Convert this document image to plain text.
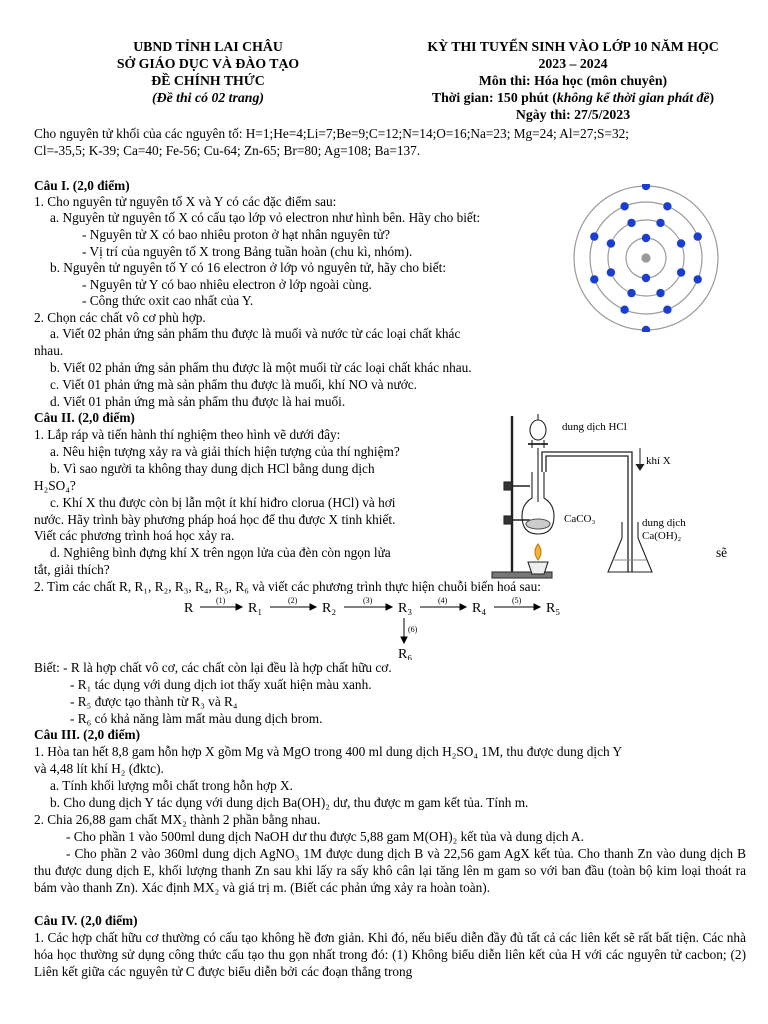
UBND TỈNH LAI CHÂU
SỞ GIÁO DỤC VÀ ĐÀO TẠO
ĐỀ CHÍNH THỨC
(Đề thi có 02 trang)
KỲ THI TUYỂN SINH VÀO LỚP 10 NĂM HỌC
2023 – 2024
Môn thi: Hóa học (môn chuyên)
Thời gian: 150 phút (không kể thời gian phát đề)
Ngày thi: 27/5/2023
Cho nguyên tử khối của các nguyên tố: H=1;He=4;Li=7;Be=9;C=12;N=14;O=16;Na=23; Mg=24; Al=27;S=32;
Cl=-35,5; K-39; Ca=40; Fe-56; Cu-64; Zn-65; Br=80; Ag=108; Ba=137.
Câu I. (2,0 điểm)
1. Cho nguyên tử nguyên tố X và Y có các đặc điểm sau:
a. Nguyên tử nguyên tố X có cấu tạo lớp vỏ electron như hình bên. Hãy cho biết:
- Nguyên tử X có bao nhiêu proton ở hạt nhân nguyên tử?
- Vị trí của nguyên tố X trong Bảng tuần hoàn (chu kì, nhóm).
b. Nguyên tử nguyên tố Y có 16 electron ở lớp vỏ nguyên tử, hãy cho biết:
- Nguyên tử Y có bao nhiêu electron ở lớp ngoài cùng.
- Công thức oxit cao nhất của Y.
2. Chọn các chất vô cơ phù hợp.
a. Viết 02 phản ứng sản phẩm thu được là muối và nước từ các loại chất khác
nhau.
b. Viết 02 phản ứng sản phẩm thu được là một muối từ các loại chất khác nhau.
c. Viết 01 phản ứng mà sản phẩm thu được là muối, khí NO và nước.
d. Viết 01 phản ứng mà sản phẩm thu được là hai muối.
Câu II. (2,0 điểm)
1. Lắp ráp và tiến hành thí nghiệm theo hình vẽ dưới đây:
a. Nêu hiện tượng xảy ra và giải thích hiện tượng của thí nghiệm?
b. Vì sao người ta không thay dung dịch HCl bằng dung dịch
H₂SO₄?
c. Khí X thu được còn bị lẫn một ít khí hiđro clorua (HCl) và hơi
nước. Hãy trình bày phương pháp hoá học để thu được X tinh khiết.
Viết các phương trình hoá học xảy ra.
d. Nghiêng bình đựng khí X trên ngọn lửa của đèn còn ngọn lửa	sẽ
tắt, giải thích?
2. Tìm các chất R, R₁, R₂, R₃, R₄, R₅, R₆ và viết các phương trình thực hiện chuỗi biến hoá sau:
dung dịch HCl
khí X
CaCO₃	dung dịch
Ca(OH)₂
R	R₁	R₂	R₃	R₄	R₅
R₆
(1)	(2)	(3)	(4)	(5)
(6)
Biết: - R là hợp chất vô cơ, các chất còn lại đều là hợp chất hữu cơ.
- R₁ tác dụng với dung dịch iot thấy xuất hiện màu xanh.
- R₅ được tạo thành từ R₃ và R₄
- R₆ có khả năng làm mất màu dung dịch brom.
Câu III. (2,0 điểm)
1. Hòa tan hết 8,8 gam hỗn hợp X gồm Mg và MgO trong 400 ml dung dịch H₂SO₄ 1M, thu được dung dịch Y
và 4,48 lít khí H₂ (đktc).
a. Tính khối lượng mỗi chất trong hỗn hợp X.
b. Cho dung dịch Y tác dụng với dung dịch Ba(OH)₂ dư, thu được m gam kết tủa. Tính m.
2. Chia 26,88 gam chất MX₂ thành 2 phần bằng nhau.
- Cho phần 1 vào 500ml dung dịch NaOH dư thu được 5,88 gam M(OH)₂ kết tủa và dung dịch A.
- Cho phần 2 vào 360ml dung dịch AgNO₃ 1M được dung dịch B và 22,56 gam AgX kết tủa. Cho thanh Zn vào dung dịch B thu được dung dịch E, khối lượng thanh Zn sau khi lấy ra sấy khô cân lại tăng lên m gam so với ban đầu (toàn bộ kim loại thoát ra bám vào thanh Zn). Xác định MX₂ và giá trị m. (Biết các phản ứng xảy ra hoàn toàn).
Câu IV. (2,0 điểm)
1. Các hợp chất hữu cơ thường có cấu tạo không hề đơn giản. Khi đó, nếu biểu diễn đầy đủ tất cả các liên kết sẽ rất bất tiện. Các nhà hóa học thường sử dụng công thức cấu tạo thu gọn nhất trong đó: (1) Không biểu diễn liên kết của H với các nguyên tử cacbon; (2) Liên kết giữa các nguyên tử C được biểu diễn bởi các đoạn thẳng trong
